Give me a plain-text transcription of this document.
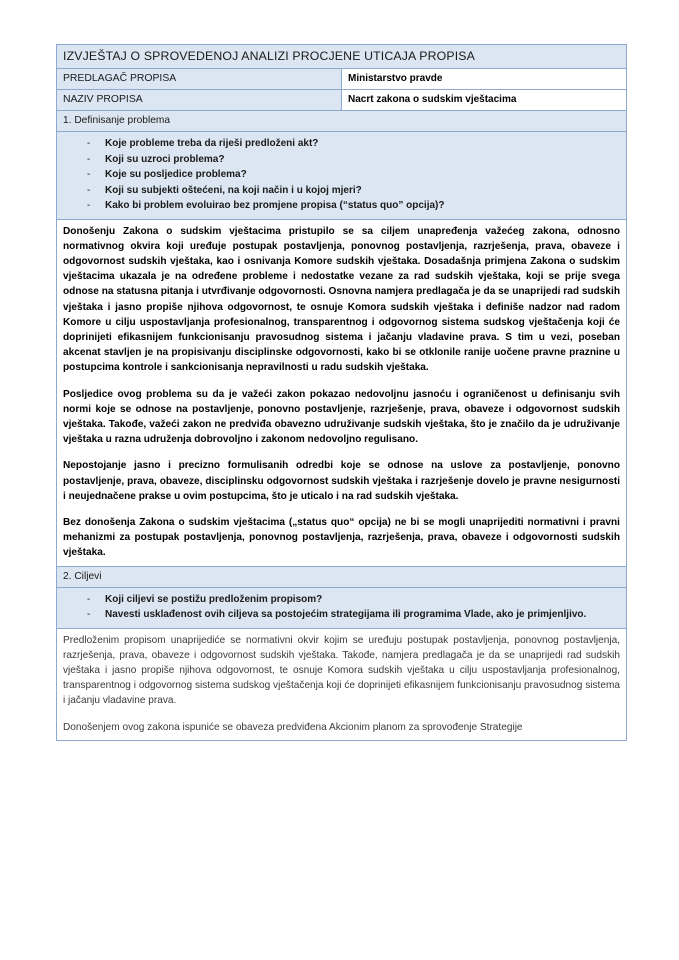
IZVJEŠTAJ O SPROVEDENOJ ANALIZI PROCJENE UTICAJA PROPISA	
PREDLAGAČ PROPISA	Ministarstvo pravde
NAZIV PROPISA	Nacrt zakona o sudskim vještacima
1. Definisanje problema	

- Koje probleme treba da riješi predloženi akt?
- Koji su uzroci problema?
- Koje su posljedice problema?
- Koji su subjekti oštećeni, na koji način i u kojoj mjeri?
- Kako bi problem evoluirao bez promjene propisa (“status quo” opcija)?

Donošenju Zakona o sudskim vještacima pristupilo se sa ciljem unapređenja važećeg zakona, odnosno normativnog okvira koji uređuje postupak postavljenja, ponovnog postavljenja, razrješenja, prava, obaveze i odgovornost sudskih vještaka, kao i osnivanja Komore sudskih vještaka. Dosadašnja primjena Zakona o sudskim vještacima ukazala je na određene probleme i nedostatke vezane za rad sudskih vještaka, koji se prije svega odnose na statusna pitanja i utvrđivanje odgovornosti. Osnovna namjera predlagača je da se unaprijedi rad sudskih vještaka i jasno propiše njihova odgovornost, te osnuje Komora sudskih vještaka i definiše nadzor nad radom Komore u cilju uspostavljanja profesionalnog, transparentnog i odgovornog sistema sudskog vještačenja koji će doprinijeti efikasnijem funkcionisanju pravosudnog sistema i jačanju vladavine prava. S tim u vezi, poseban akcenat stavljen je na propisivanju disciplinske odgovornosti, kako bi se otklonile ranije uočene pravne praznine u postupcima kontrole i sankcionisanja nepravilnosti u radu sudskih vještaka.

Posljedice ovog problema su da je važeći zakon pokazao nedovoljnu jasnoću i ograničenost u definisanju svih normi koje se odnose na postavljenje, ponovno postavljenje, razrješenje, prava, obaveze i odgovornost sudskih vještaka. Takođe, važeći zakon ne predviđa obavezno udruživanje sudskih vještaka, što je značilo da je udruživanje vještaka u razna udruženja dobrovoljno i zakonom nedovoljno regulisano.

Nepostojanje jasno i precizno formulisanih odredbi koje se odnose na uslove za postavljenje, ponovno postavljenje, prava, obaveze, disciplinsku odgovornost sudskih vještaka i razrješenje dovelo je pravne nesigurnosti i neujednačene prakse u ovim postupcima, što je uticalo i na rad sudskih vještaka.

Bez donošenja Zakona o sudskim vještacima („status quo“ opcija) ne bi se mogli unaprijediti normativni i pravni mehanizmi za postupak postavljenja, ponovnog postavljenja, razrješenja, prava, obaveze i odgovornosti sudskih vještaka.	

2. Ciljevi	

- Koji ciljevi se postižu predloženim propisom?
- Navesti usklađenost ovih ciljeva sa postojećim strategijama ili programima Vlade, ako je primjenljivo.

Predloženim propisom unaprijediće se normativni okvir kojim se uređuju postupak postavljenja, ponovnog postavljenja, razrješenja, prava, obaveze i odgovornost sudskih vještaka. Takođe, namjera predlagača je da se unaprijedi rad sudskih vještaka i jasno propiše njihova odgovornost, te osnuje Komora sudskih vještaka u cilju uspostavljanja profesionalnog, transparentnog i odgovornog sistema sudskog vještačenja koji će doprinijeti efikasnijem funkcionisanju pravosudnog sistema i jačanju vladavine prava.

Donošenjem ovog zakona ispuniće se obaveza predviđena Akcionim planom za sprovođenje Strategije	
